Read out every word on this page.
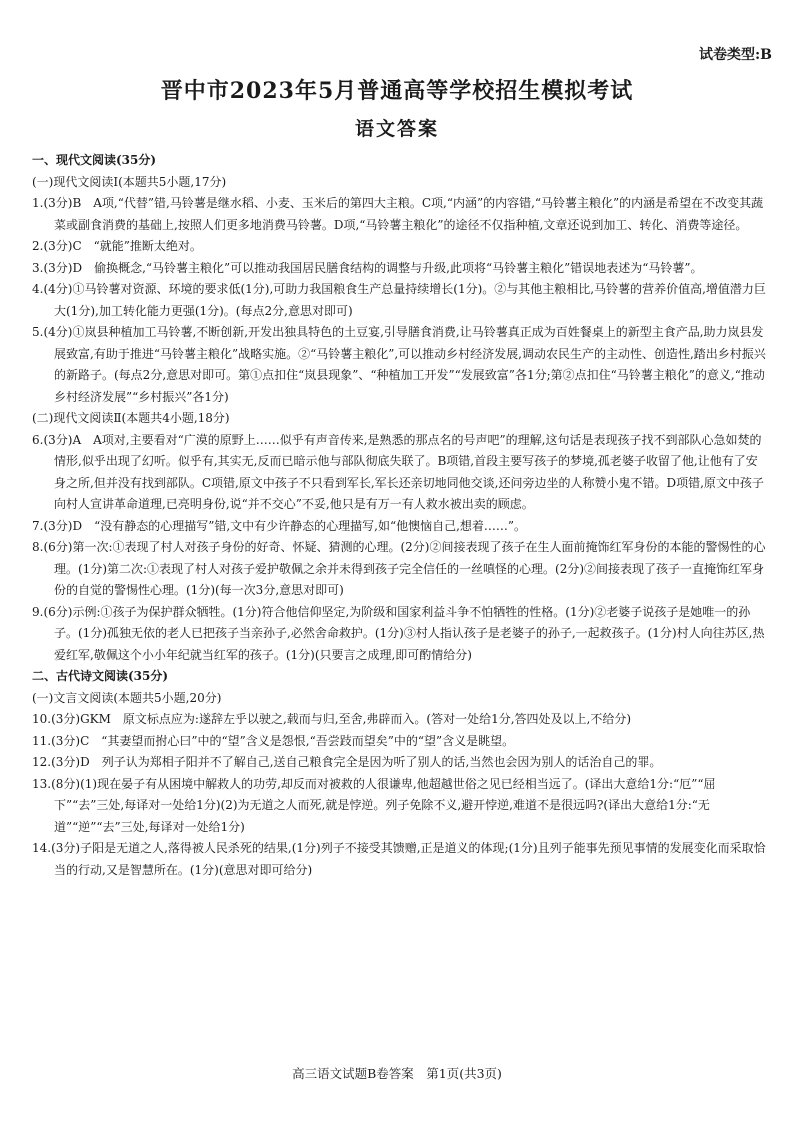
试卷类型:B
晋中市2023年5月普通高等学校招生模拟考试
语文答案

一、现代文阅读(35分)

(一)现代文阅读Ⅰ(本题共5小题,17分)

1.(3分)B　A项,“代替”错,马铃薯是继水稻、小麦、玉米后的第四大主粮。C项,“内涵”的内容错,“马铃薯主粮化”的内涵是希望在不改变其蔬菜或副食消费的基础上,按照人们更多地消费马铃薯。D项,“马铃薯主粮化”的途径不仅指种植,文章还说到加工、转化、消费等途径。

2.(3分)C　“就能”推断太绝对。

3.(3分)D　偷换概念,“马铃薯主粮化”可以推动我国居民膳食结构的调整与升级,此项将“马铃薯主粮化”错误地表述为“马铃薯”。

4.(4分)①马铃薯对资源、环境的要求低(1分),可助力我国粮食生产总量持续增长(1分)。②与其他主粮相比,马铃薯的营养价值高,增值潜力巨大(1分),加工转化能力更强(1分)。(每点2分,意思对即可)

5.(4分)①岚县种植加工马铃薯,不断创新,开发出独具特色的土豆宴,引导膳食消费,让马铃薯真正成为百姓餐桌上的新型主食产品,助力岚县发展致富,有助于推进“马铃薯主粮化”战略实施。②“马铃薯主粮化”,可以推动乡村经济发展,调动农民生产的主动性、创造性,踏出乡村振兴的新路子。(每点2分,意思对即可。第①点扣住“岚县现象”、“种植加工开发”“发展致富”各1分;第②点扣住“马铃薯主粮化”的意义,“推动乡村经济发展”“乡村振兴”各1分)

(二)现代文阅读Ⅱ(本题共4小题,18分)

6.(3分)A　A项对,主要看对“广漠的原野上……似乎有声音传来,是熟悉的那点名的号声吧”的理解,这句话是表现孩子找不到部队心急如焚的情形,似乎出现了幻听。似乎有,其实无,反而已暗示他与部队彻底失联了。B项错,首段主要写孩子的梦境,孤老婆子收留了他,让他有了安身之所,但并没有找到部队。C项错,原文中孩子不只看到军长,军长还亲切地同他交谈,还问旁边坐的人称赞小鬼不错。D项错,原文中孩子向村人宣讲革命道理,已亮明身份,说“并不交心”不妥,他只是有万一有人救水被出卖的顾虑。

7.(3分)D　“没有静态的心理描写”错,文中有少许静态的心理描写,如“他懊恼自己,想着……”。

8.(6分)第一次:①表现了村人对孩子身份的好奇、怀疑、猜测的心理。(2分)②间接表现了孩子在生人面前掩饰红军身份的本能的警惕性的心理。(1分)第二次:①表现了村人对孩子爱护敬佩之余并未得到孩子完全信任的一丝嗔怪的心理。(2分)②间接表现了孩子一直掩饰红军身份的自觉的警惕性心理。(1分)(每一次3分,意思对即可)

9.(6分)示例:①孩子为保护群众牺牲。(1分)符合他信仰坚定,为阶级和国家利益斗争不怕牺牲的性格。(1分)②老婆子说孩子是她唯一的孙子。(1分)孤独无依的老人已把孩子当亲孙子,必然舍命救护。(1分)③村人指认孩子是老婆子的孙子,一起救孩子。(1分)村人向往苏区,热爱红军,敬佩这个小小年纪就当红军的孩子。(1分)(只要言之成理,即可酌情给分)

二、古代诗文阅读(35分)

(一)文言文阅读(本题共5小题,20分)

10.(3分)GKM　原文标点应为:遂辞左乎以驶之,载而与归,至舍,弗辟而入。(答对一处给1分,答四处及以上,不给分)

11.(3分)C　“其妻望而拊心曰”中的“望”含义是怨恨,“吾尝跂而望矣”中的“望”含义是眺望。

12.(3分)D　列子认为郑相子阳并不了解自己,送自己粮食完全是因为听了别人的话,当然也会因为别人的话治自己的罪。

13.(8分)(1)现在晏子有从困境中解救人的功劳,却反而对被救的人很谦卑,他超越世俗之见已经相当远了。(译出大意给1分:“厄”“屈下”“去”三处,每译对一处给1分)(2)为无道之人而死,就是悖逆。列子免除不义,避开悖逆,难道不是很远吗?(译出大意给1分:“无道”“逆”“去”三处,每译对一处给1分)

14.(3分)子阳是无道之人,落得被人民杀死的结果,(1分)列子不接受其馈赠,正是道义的体现;(1分)且列子能事先预见事情的发展变化而采取恰当的行动,又是智慧所在。(1分)(意思对即可给分)

高三语文试题B卷答案　第1页(共3页)
